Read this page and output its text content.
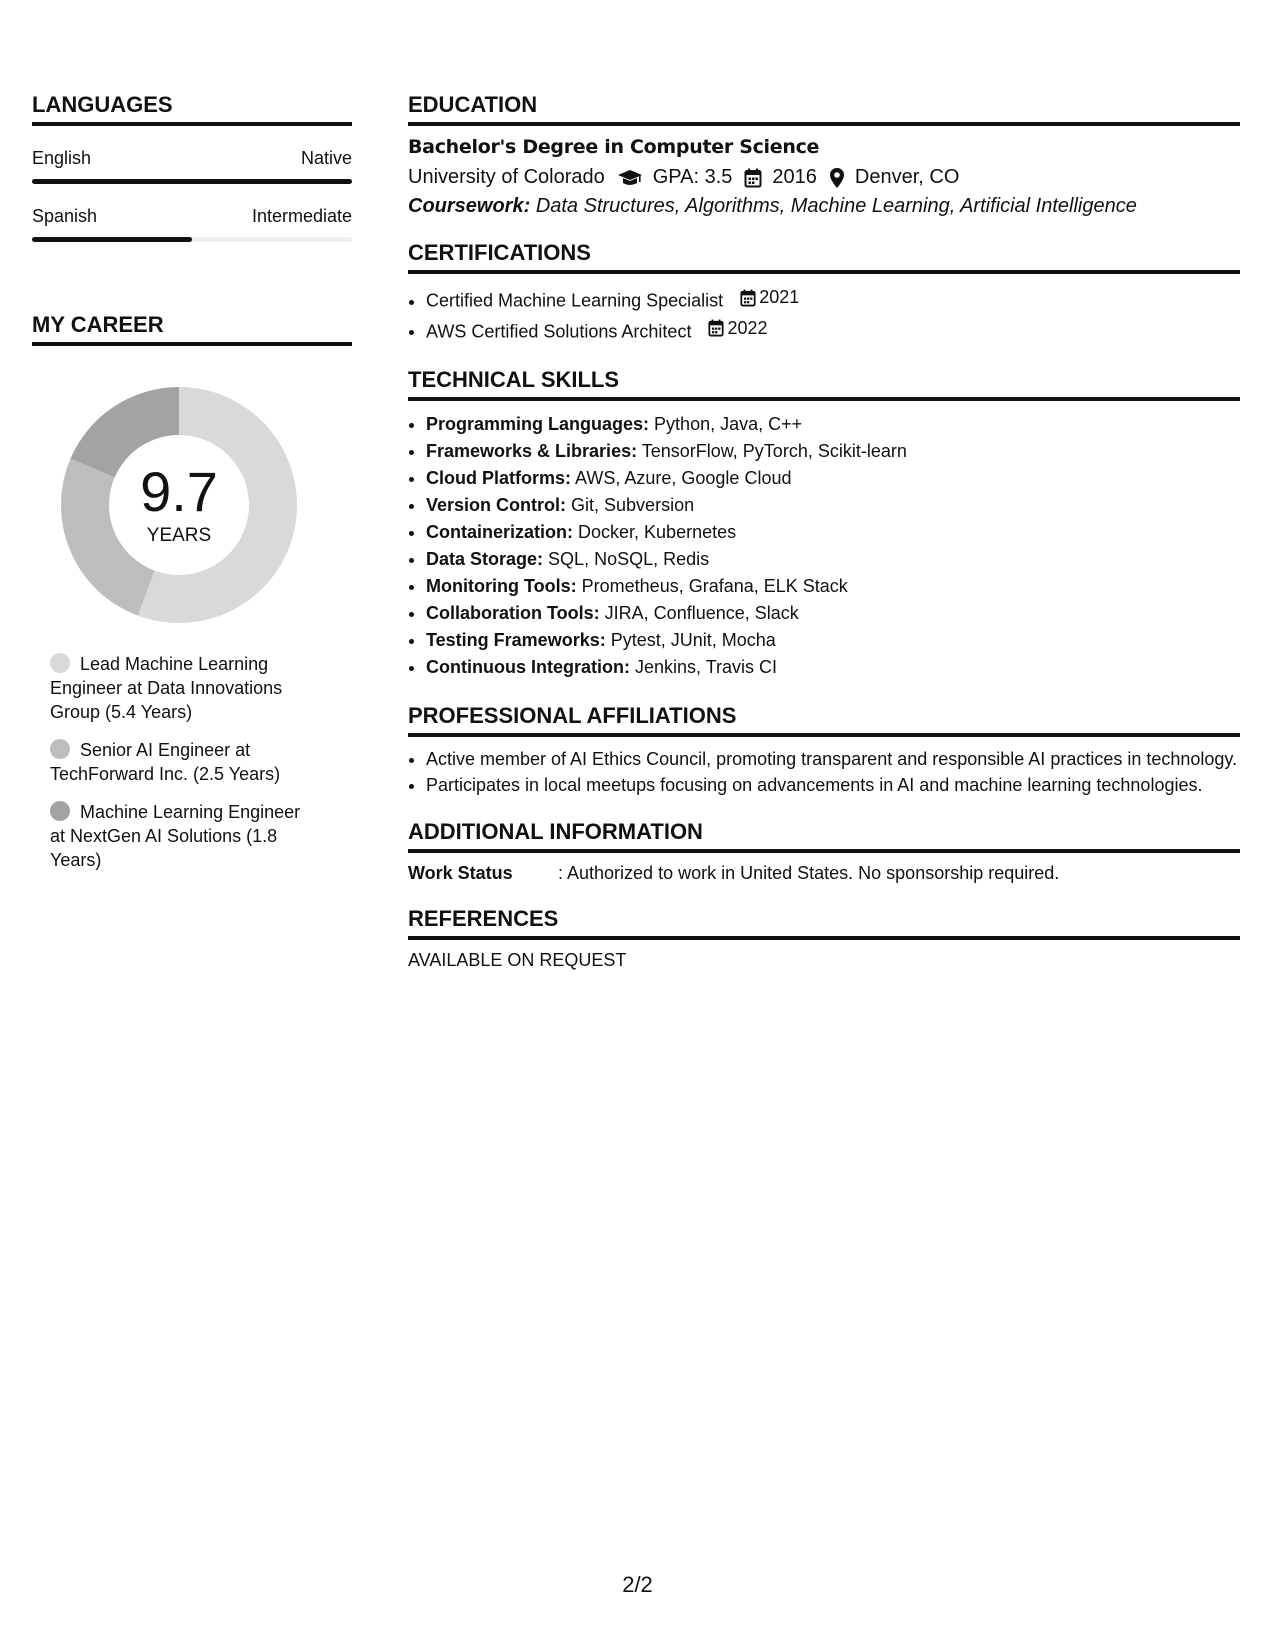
LANGUAGES
English	Native
Spanish	Intermediate
MY CAREER
9.7
YEARS
Lead Machine Learning Engineer at Data Innovations Group (5.4 Years)
Senior AI Engineer at TechForward Inc. (2.5 Years)
Machine Learning Engineer at NextGen AI Solutions (1.8 Years)
EDUCATION
Bachelor's Degree in Computer Science
University of Colorado GPA: 3.5 2016 Denver, CO
Coursework: Data Structures, Algorithms, Machine Learning, Artificial Intelligence
CERTIFICATIONS
• Certified Machine Learning Specialist 2021
• AWS Certified Solutions Architect 2022
TECHNICAL SKILLS
• Programming Languages: Python, Java, C++
• Frameworks & Libraries: TensorFlow, PyTorch, Scikit-learn
• Cloud Platforms: AWS, Azure, Google Cloud
• Version Control: Git, Subversion
• Containerization: Docker, Kubernetes
• Data Storage: SQL, NoSQL, Redis
• Monitoring Tools: Prometheus, Grafana, ELK Stack
• Collaboration Tools: JIRA, Confluence, Slack
• Testing Frameworks: Pytest, JUnit, Mocha
• Continuous Integration: Jenkins, Travis CI
PROFESSIONAL AFFILIATIONS
• Active member of AI Ethics Council, promoting transparent and responsible AI practices in technology.
• Participates in local meetups focusing on advancements in AI and machine learning technologies.
ADDITIONAL INFORMATION
Work Status	: Authorized to work in United States. No sponsorship required.
REFERENCES
AVAILABLE ON REQUEST
2/2
